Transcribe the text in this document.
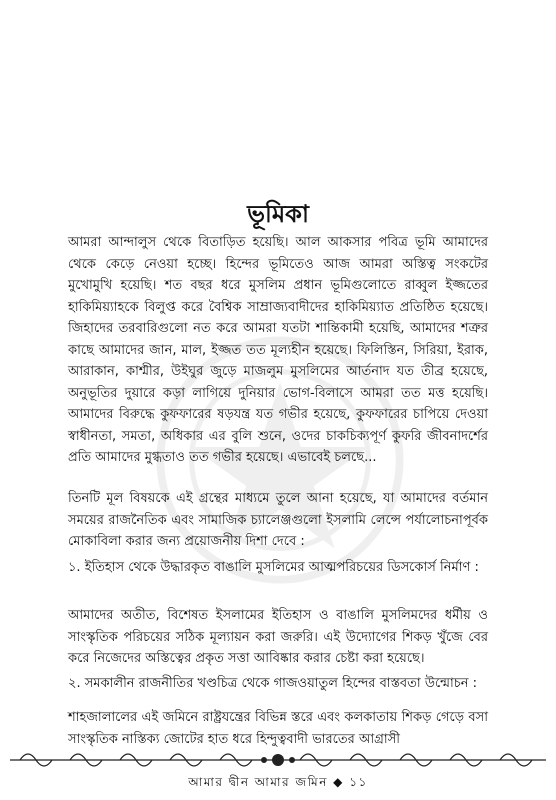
ভূমিকা
আমরা আন্দালুস থেকে বিতাড়িত হয়েছি। আল আকসার পবিত্র ভূমি আমাদের থেকে কেড়ে নেওয়া হচ্ছে। হিন্দের ভূমিতেও আজ আমরা অস্তিত্ব সংকটের মুখোমুখি হয়েছি। শত বছর ধরে মুসলিম প্রধান ভূমিগুলোতে রাব্বুল ইজ্জতের হাকিমিয়্যাহকে বিলুপ্ত করে বৈশ্বিক সাম্রাজ্যবাদীদের হাকিমিয়্যাত প্রতিষ্ঠিত হয়েছে। জিহাদের তরবারিগুলো নত করে আমরা যতটা শান্তিকামী হয়েছি, আমাদের শত্রুর কাছে আমাদের জান, মাল, ইজ্জত তত মূল্যহীন হয়েছে। ফিলিস্তিন, সিরিয়া, ইরাক, আরাকান, কাশ্মীর, উইঘুর জুড়ে মাজলুম মুসলিমের আর্তনাদ যত তীব্র হয়েছে, অনুভূতির দুয়ারে কড়া লাগিয়ে দুনিয়ার ভোগ-বিলাসে আমরা তত মত্ত হয়েছি। আমাদের বিরুদ্ধে কুফফারের ষড়যন্ত্র যত গভীর হয়েছে, কুফফারের চাপিয়ে দেওয়া স্বাধীনতা, সমতা, অধিকার এর বুলি শুনে, ওদের চাকচিক্যপূর্ণ কুফরি জীবনাদর্শের প্রতি আমাদের মুগ্ধতাও তত গভীর হয়েছে। এভাবেই চলছে...
তিনটি মূল বিষয়কে এই গ্রন্থের মাধ্যমে তুলে আনা হয়েছে, যা আমাদের বর্তমান সময়ের রাজনৈতিক এবং সামাজিক চ্যালেঞ্জগুলো ইসলামি লেন্সে পর্যালোচনাপূর্বক মোকাবিলা করার জন্য প্রয়োজনীয় দিশা দেবে :
১. ইতিহাস থেকে উদ্ধারকৃত বাঙালি মুসলিমের আত্মপরিচয়ের ডিসকোর্স নির্মাণ :
আমাদের অতীত, বিশেষত ইসলামের ইতিহাস ও বাঙালি মুসলিমদের ধর্মীয় ও সাংস্কৃতিক পরিচয়ের সঠিক মূল্যায়ন করা জরুরি। এই উদ্যোগের শিকড় খুঁজে বের করে নিজেদের অস্তিত্বের প্রকৃত সত্তা আবিষ্কার করার চেষ্টা করা হয়েছে।
২. সমকালীন রাজনীতির খণ্ডচিত্র থেকে গাজওয়াতুল হিন্দের বাস্তবতা উন্মোচন :
শাহজালালের এই জমিনে রাষ্ট্রযন্ত্রের বিভিন্ন স্তরে এবং কলকাতায় শিকড় গেড়ে বসা সাংস্কৃতিক নাস্তিক্য জোটের হাত ধরে হিন্দুত্ববাদী ভারতের আগ্রাসী
আমার দ্বীন আমার জমিন ◆ ১১
